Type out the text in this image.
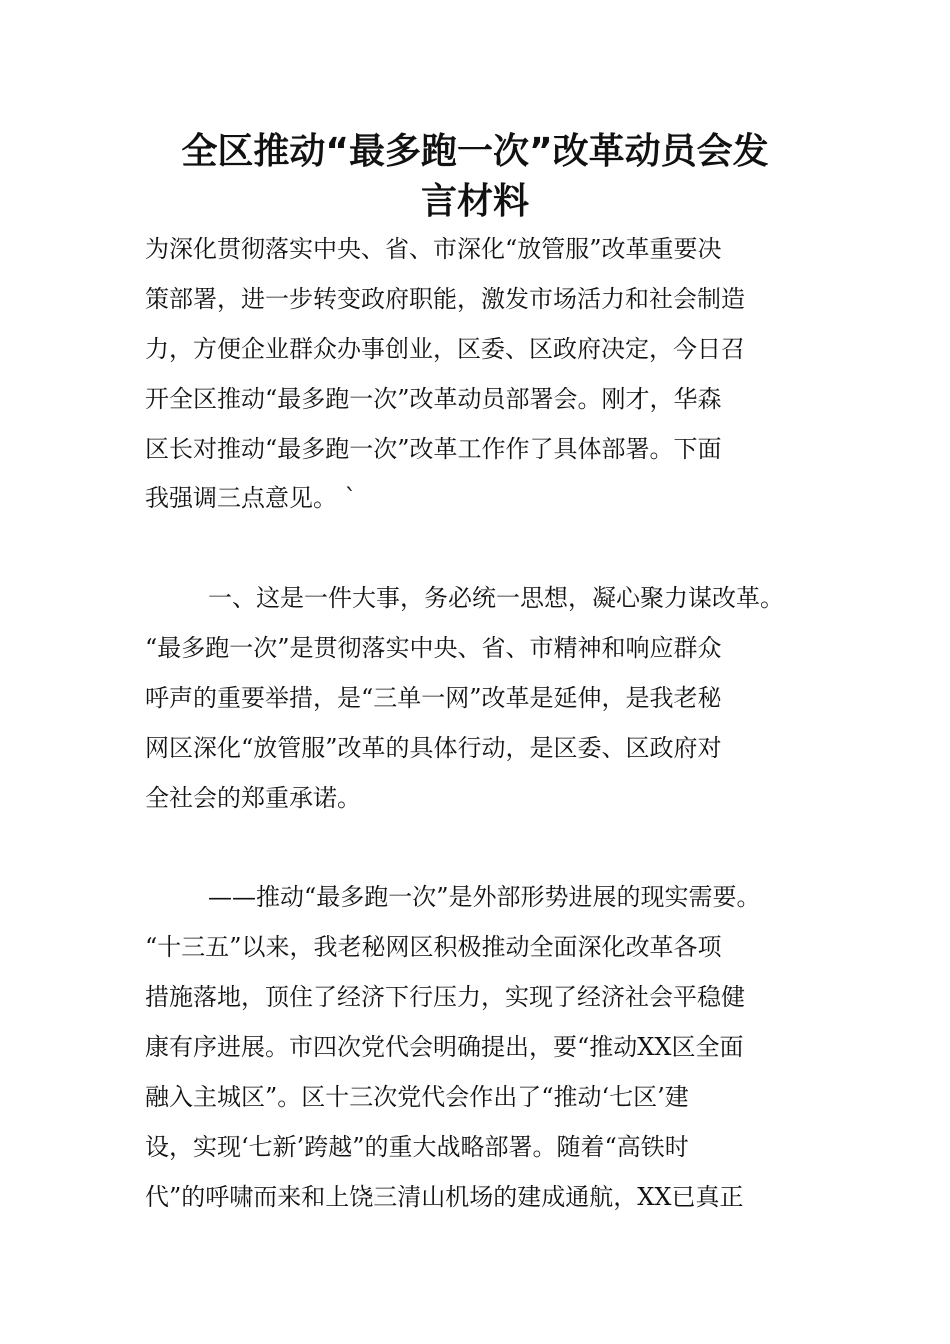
全区推动“最多跑一次”改革动员会发
言材料
为深化贯彻落实中央、省、市深化“放管服”改革重要决
策部署，进一步转变政府职能，激发市场活力和社会制造
力，方便企业群众办事创业，区委、区政府决定，今日召
开全区推动“最多跑一次”改革动员部署会。刚才，华森
区长对推动“最多跑一次”改革工作作了具体部署。下面
我强调三点意见。 `
一、这是一件大事，务必统一思想，凝心聚力谋改革。
“最多跑一次”是贯彻落实中央、省、市精神和响应群众
呼声的重要举措，是“三单一网”改革是延伸，是我老秘
网区深化“放管服”改革的具体行动，是区委、区政府对
全社会的郑重承诺。
——推动“最多跑一次”是外部形势进展的现实需要。
“十三五”以来，我老秘网区积极推动全面深化改革各项
措施落地，顶住了经济下行压力，实现了经济社会平稳健
康有序进展。市四次党代会明确提出，要“推动XX区全面
融入主城区”。区十三次党代会作出了“推动‘七区’建
设，实现‘七新’跨越”的重大战略部署。随着“高铁时
代”的呼啸而来和上饶三清山机场的建成通航，XX已真正
